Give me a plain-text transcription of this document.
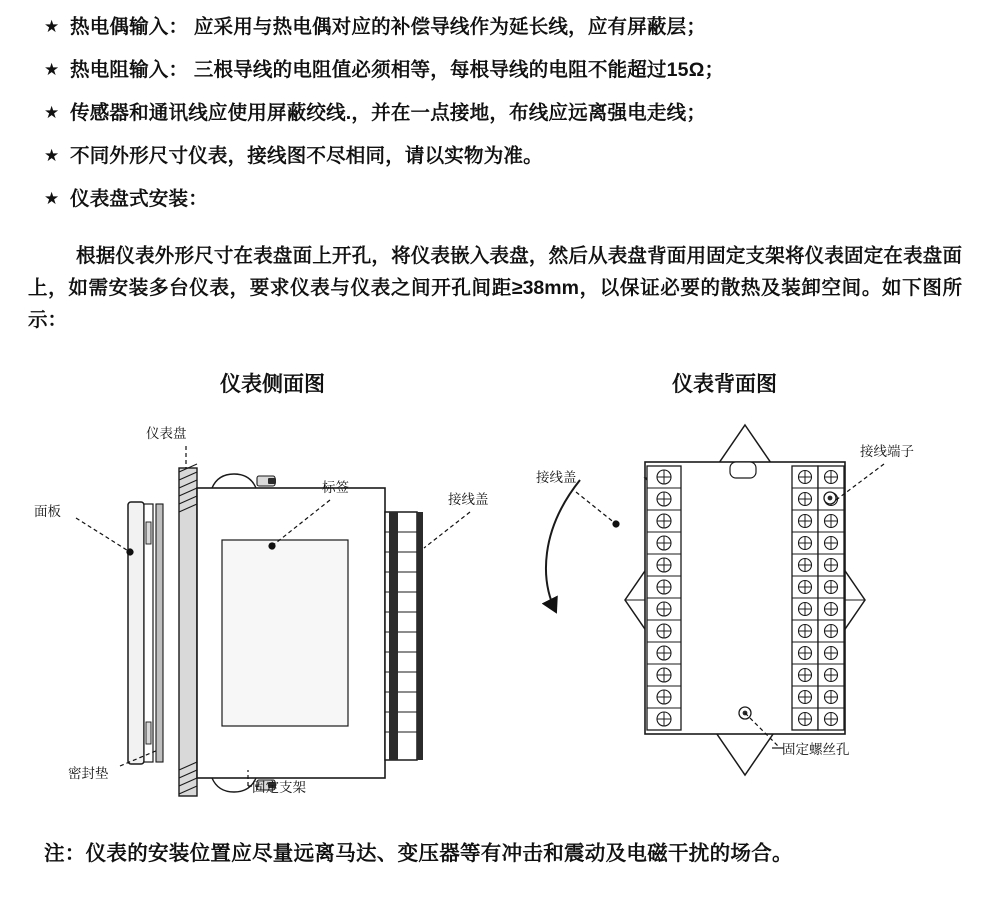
★ 热电偶输入： 应采用与热电偶对应的补偿导线作为延长线，应有屏蔽层；
★ 热电阻输入： 三根导线的电阻值必须相等，每根导线的电阻不能超过15Ω；
★ 传感器和通讯线应使用屏蔽绞线.，并在一点接地，布线应远离强电走线；
★ 不同外形尺寸仪表，接线图不尽相同，请以实物为准。
★ 仪表盘式安装：
根据仪表外形尺寸在表盘面上开孔，将仪表嵌入表盘，然后从表盘背面用固定支架将仪表固定在表盘面上，如需安装多台仪表，要求仪表与仪表之间开孔间距≥38mm，以保证必要的散热及装卸空间。如下图所示：
仪表侧面图	仪表背面图
仪表盘
面板
标签
接线盖
密封垫
固定支架
接线盖
接线端子
固定螺丝孔
注：仪表的安装位置应尽量远离马达、变压器等有冲击和震动及电磁干扰的场合。
